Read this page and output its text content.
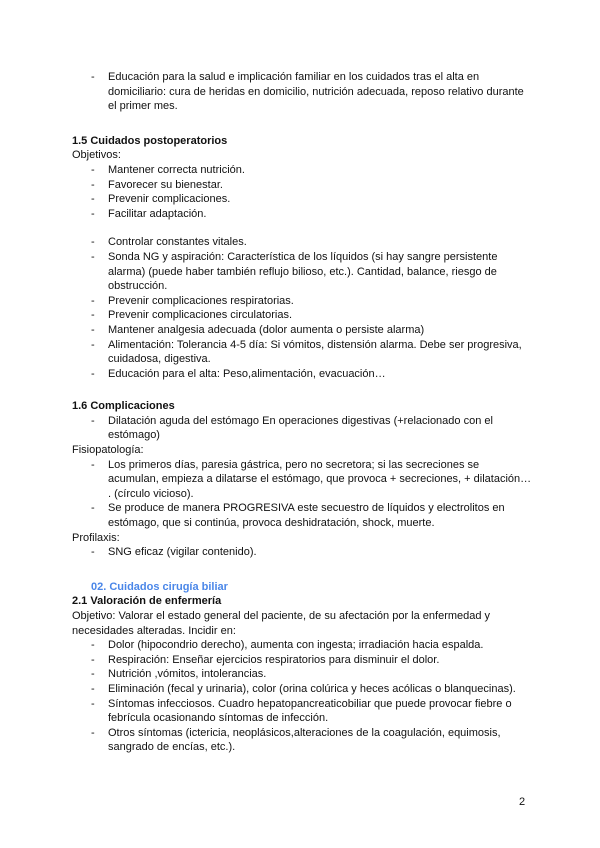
- Educación para la salud e implicación familiar en los cuidados tras el alta en domiciliario: cura de heridas en domicilio, nutrición adecuada, reposo relativo durante el primer mes.
1.5 Cuidados postoperatorios

Objetivos:

- Mantener correcta nutrición.
- Favorecer su bienestar.
- Prevenir complicaciones.
- Facilitar adaptación.
- Controlar constantes vitales.
- Sonda NG y aspiración: Característica de los líquidos (si hay sangre persistente alarma) (puede haber también reflujo bilioso, etc.). Cantidad, balance, riesgo de obstrucción.
- Prevenir complicaciones respiratorias.
- Prevenir complicaciones circulatorias.
- Mantener analgesia adecuada (dolor aumenta o persiste alarma)
- Alimentación: Tolerancia 4-5 día: Si vómitos, distensión alarma. Debe ser progresiva, cuidadosa, digestiva.
- Educación para el alta: Peso,alimentación, evacuación…
1.6 Complicaciones
- Dilatación aguda del estómago En operaciones digestivas (+relacionado con el estómago)

Fisiopatología:

- Los primeros días, paresia gástrica, pero no secretora; si las secreciones se acumulan, empieza a dilatarse el estómago, que provoca + secreciones, + dilatación… . (círculo vicioso).
- Se produce de manera PROGRESIVA este secuestro de líquidos y electrolitos en estómago, que si continúa, provoca deshidratación, shock, muerte.

Profilaxis:

- SNG eficaz (vigilar contenido).

02. Cuidados cirugía biliar

2.1 Valoración de enfermería

Objetivo: Valorar el estado general del paciente, de su afectación por la enfermedad y necesidades alteradas. Incidir en:

- Dolor (hipocondrio derecho), aumenta con ingesta; irradiación hacia espalda.
- Respiración: Enseñar ejercicios respiratorios para disminuir el dolor.
- Nutrición ,vómitos, intolerancias.
- Eliminación (fecal y urinaria), color (orina colúrica y heces acólicas o blanquecinas).
- Síntomas infecciosos. Cuadro hepatopancreaticobiliar que puede provocar fiebre o febrícula ocasionando síntomas de infección.
- Otros síntomas (ictericia, neoplásicos,alteraciones de la coagulación, equimosis, sangrado de encías, etc.).
2
